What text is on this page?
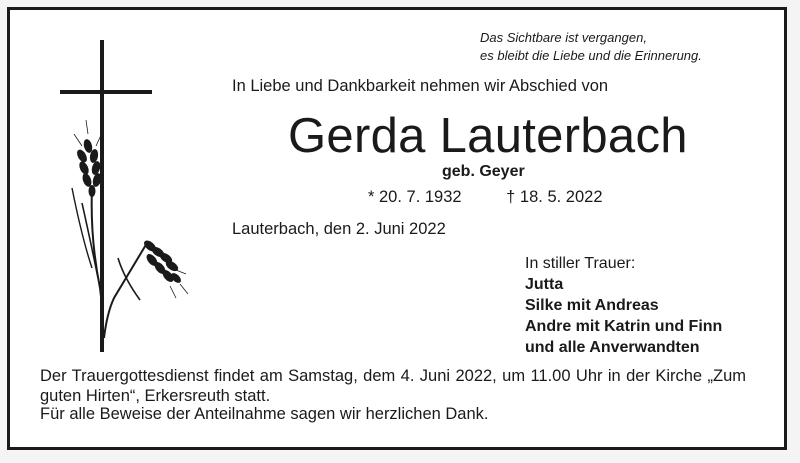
Das Sichtbare ist vergangen,
es bleibt die Liebe und die Erinnerung.
In Liebe und Dankbarkeit nehmen wir Abschied von
Gerda Lauterbach
geb. Geyer
* 20. 7. 1932	† 18. 5. 2022
Lauterbach, den 2. Juni 2022
In stiller Trauer:
Jutta
Silke mit Andreas
Andre mit Katrin und Finn
und alle Anverwandten
Der Trauergottesdienst findet am Samstag, dem 4. Juni 2022, um 11.00 Uhr in der Kirche „Zum guten Hirten“, Erkersreuth statt.
Für alle Beweise der Anteilnahme sagen wir herzlichen Dank.
